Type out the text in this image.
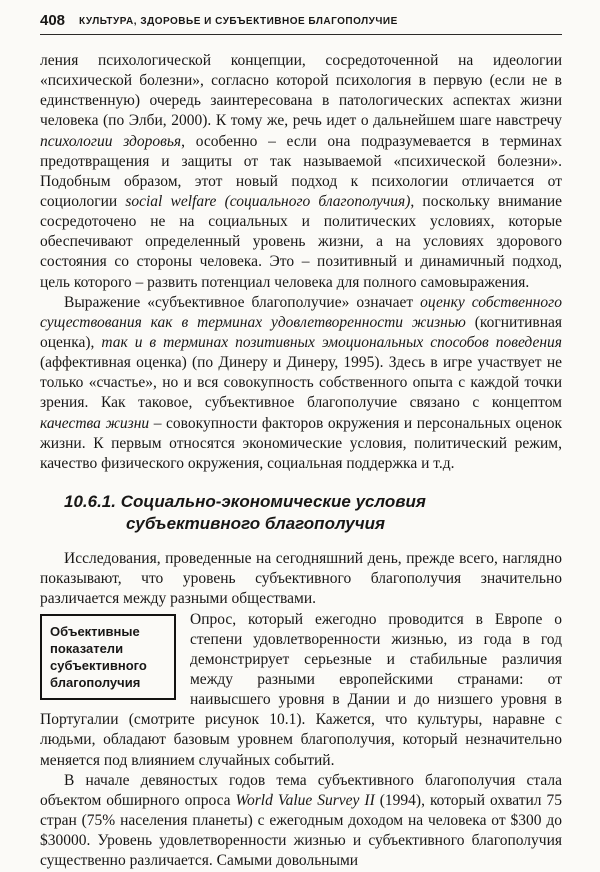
408 КУЛЬТУРА, ЗДОРОВЬЕ И СУБЪЕКТИВНОЕ БЛАГОПОЛУЧИЕ

ления психологической концепции, сосредоточенной на идеологии «психической болезни», согласно которой психология в первую (если не в единственную) очередь заинтересована в патологических аспектах жизни человека (по Элби, 2000). К тому же, речь идет о дальнейшем шаге навстречу психологии здоровья, особенно – если она подразумевается в терминах предотвращения и защиты от так называемой «психической болезни». Подобным образом, этот новый подход к психологии отличается от социологии social welfare (социального благополучия), поскольку внимание сосредоточено не на социальных и политических условиях, которые обеспечивают определенный уровень жизни, а на условиях здорового состояния со стороны человека. Это – позитивный и динамичный подход, цель которого – развить потенциал человека для полного самовыражения.

Выражение «субъективное благополучие» означает оценку собственного существования как в терминах удовлетворенности жизнью (когнитивная оценка), так и в терминах позитивных эмоциональных способов поведения (аффективная оценка) (по Динеру и Динеру, 1995). Здесь в игре участвует не только «счастье», но и вся совокупность собственного опыта с каждой точки зрения. Как таковое, субъективное благополучие связано с концептом качества жизни – совокупности факторов окружения и персональных оценок жизни. К первым относятся экономические условия, политический режим, качество физического окружения, социальная поддержка и т.д.

10.6.1. Социально-экономические условия
субъективного благополучия

Исследования, проведенные на сегодняшний день, прежде всего, наглядно показывают, что уровень субъективного благополучия значительно различается между разными обществами.

Объективные показатели субъективного благополучия
Опрос, который ежегодно проводится в Европе о степени удовлетворенности жизнью, из года в год демонстрирует серьезные и стабильные различия между разными европейскими странами: от наивысшего уровня в Дании и до низшего уровня в Португалии (смотрите рисунок 10.1). Кажется, что культуры, наравне с людьми, обладают базовым уровнем благополучия, который незначительно меняется под влиянием случайных событий.

В начале девяностых годов тема субъективного благополучия стала объектом обширного опроса World Value Survey II (1994), который охватил 75 стран (75% населения планеты) с ежегодным доходом на человека от $300 до $30000. Уровень удовлетворенности жизнью и субъективного благополучия существенно различается. Самыми довольными
